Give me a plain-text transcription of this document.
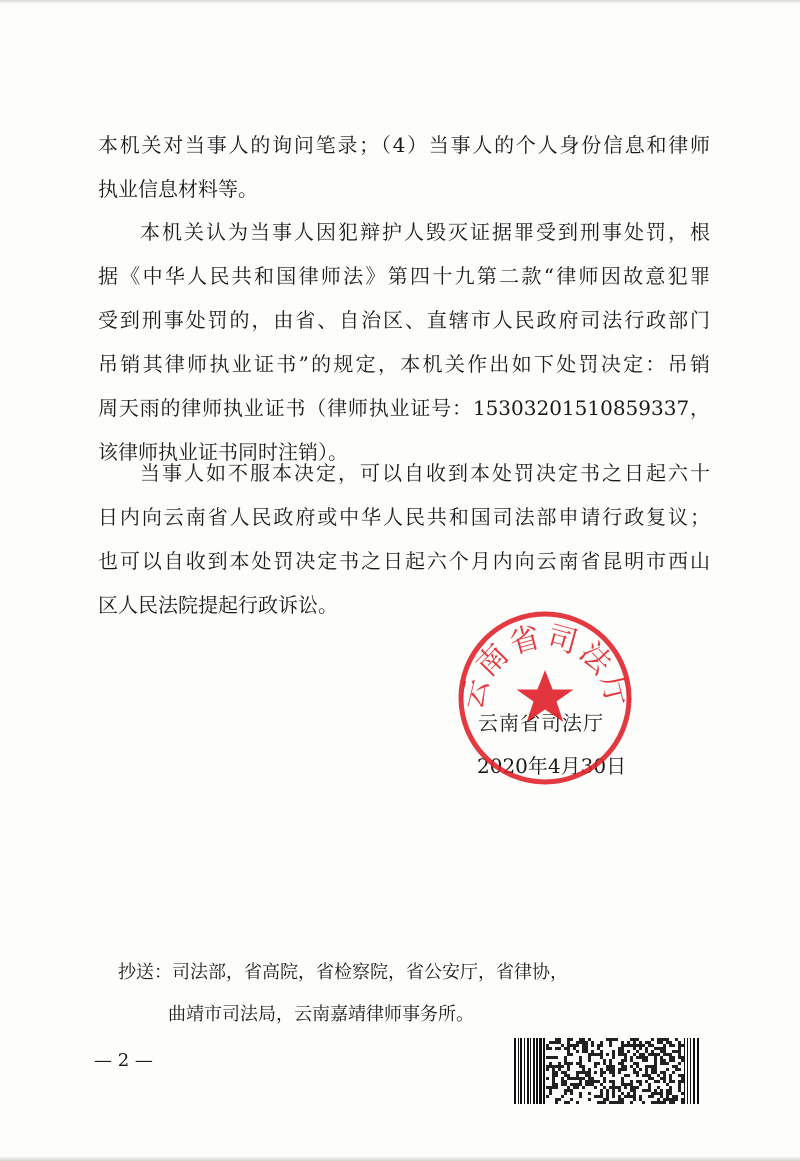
本机关对当事人的询问笔录；（4）当事人的个人身份信息和律师
执业信息材料等。
本机关认为当事人因犯辩护人毁灭证据罪受到刑事处罚，根
据《中华人民共和国律师法》第四十九第二款“律师因故意犯罪
受到刑事处罚的，由省、自治区、直辖市人民政府司法行政部门
吊销其律师执业证书”的规定，本机关作出如下处罚决定：吊销
周天雨的律师执业证书（律师执业证号：15303201510859337，
该律师执业证书同时注销）。
当事人如不服本决定，可以自收到本处罚决定书之日起六十
日内向云南省人民政府或中华人民共和国司法部申请行政复议；
也可以自收到本处罚决定书之日起六个月内向云南省昆明市西山
区人民法院提起行政诉讼。
云南省司法厅
2020年4月30日
云南省司法厅
抄送：司法部，省高院，省检察院，省公安厅，省律协，
曲靖市司法局，云南嘉靖律师事务所。
— 2 —
